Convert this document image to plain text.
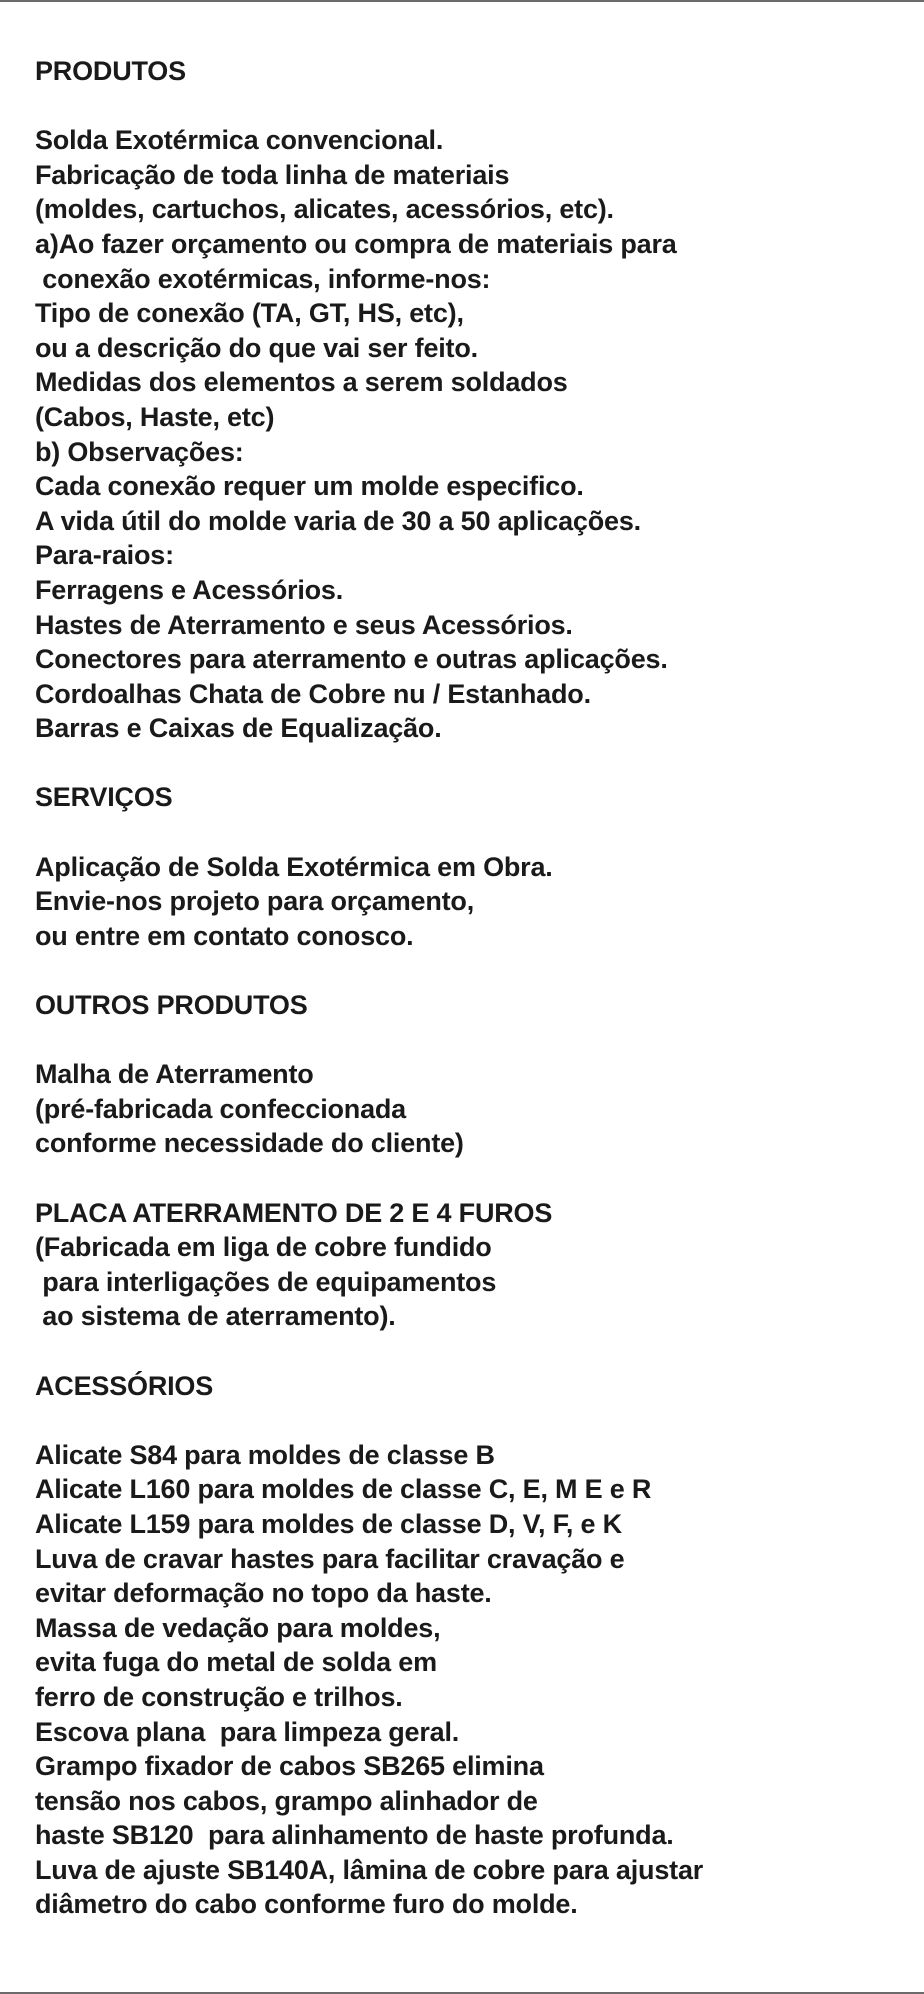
PRODUTOS
Solda Exotérmica convencional.
Fabricação de toda linha de materiais
(moldes, cartuchos, alicates, acessórios, etc).
a)Ao fazer orçamento ou compra de materiais para
conexão exotérmicas, informe-nos:
Tipo de conexão (TA, GT, HS, etc),
ou a descrição do que vai ser feito.
Medidas dos elementos a serem soldados
(Cabos, Haste, etc)
b) Observações:
Cada conexão requer um molde especifico.
A vida útil do molde varia de 30 a 50 aplicações.
Para-raios:
Ferragens e Acessórios.
Hastes de Aterramento e seus Acessórios.
Conectores para aterramento e outras aplicações.
Cordoalhas Chata de Cobre nu / Estanhado.
Barras e Caixas de Equalização.
SERVIÇOS
Aplicação de Solda Exotérmica em Obra.
Envie-nos projeto para orçamento,
ou entre em contato conosco.
OUTROS PRODUTOS
Malha de Aterramento
(pré-fabricada confeccionada
conforme necessidade do cliente)
PLACA ATERRAMENTO DE 2 E 4 FUROS
(Fabricada em liga de cobre fundido
para interligações de equipamentos
ao sistema de aterramento).
ACESSÓRIOS
Alicate S84 para moldes de classe B
Alicate L160 para moldes de classe C, E, M E e R
Alicate L159 para moldes de classe D, V, F, e K
Luva de cravar hastes para facilitar cravação e
evitar deformação no topo da haste.
Massa de vedação para moldes,
evita fuga do metal de solda em
ferro de construção e trilhos.
Escova plana  para limpeza geral.
Grampo fixador de cabos SB265 elimina
tensão nos cabos, grampo alinhador de
haste SB120  para alinhamento de haste profunda.
Luva de ajuste SB140A, lâmina de cobre para ajustar
diâmetro do cabo conforme furo do molde.
